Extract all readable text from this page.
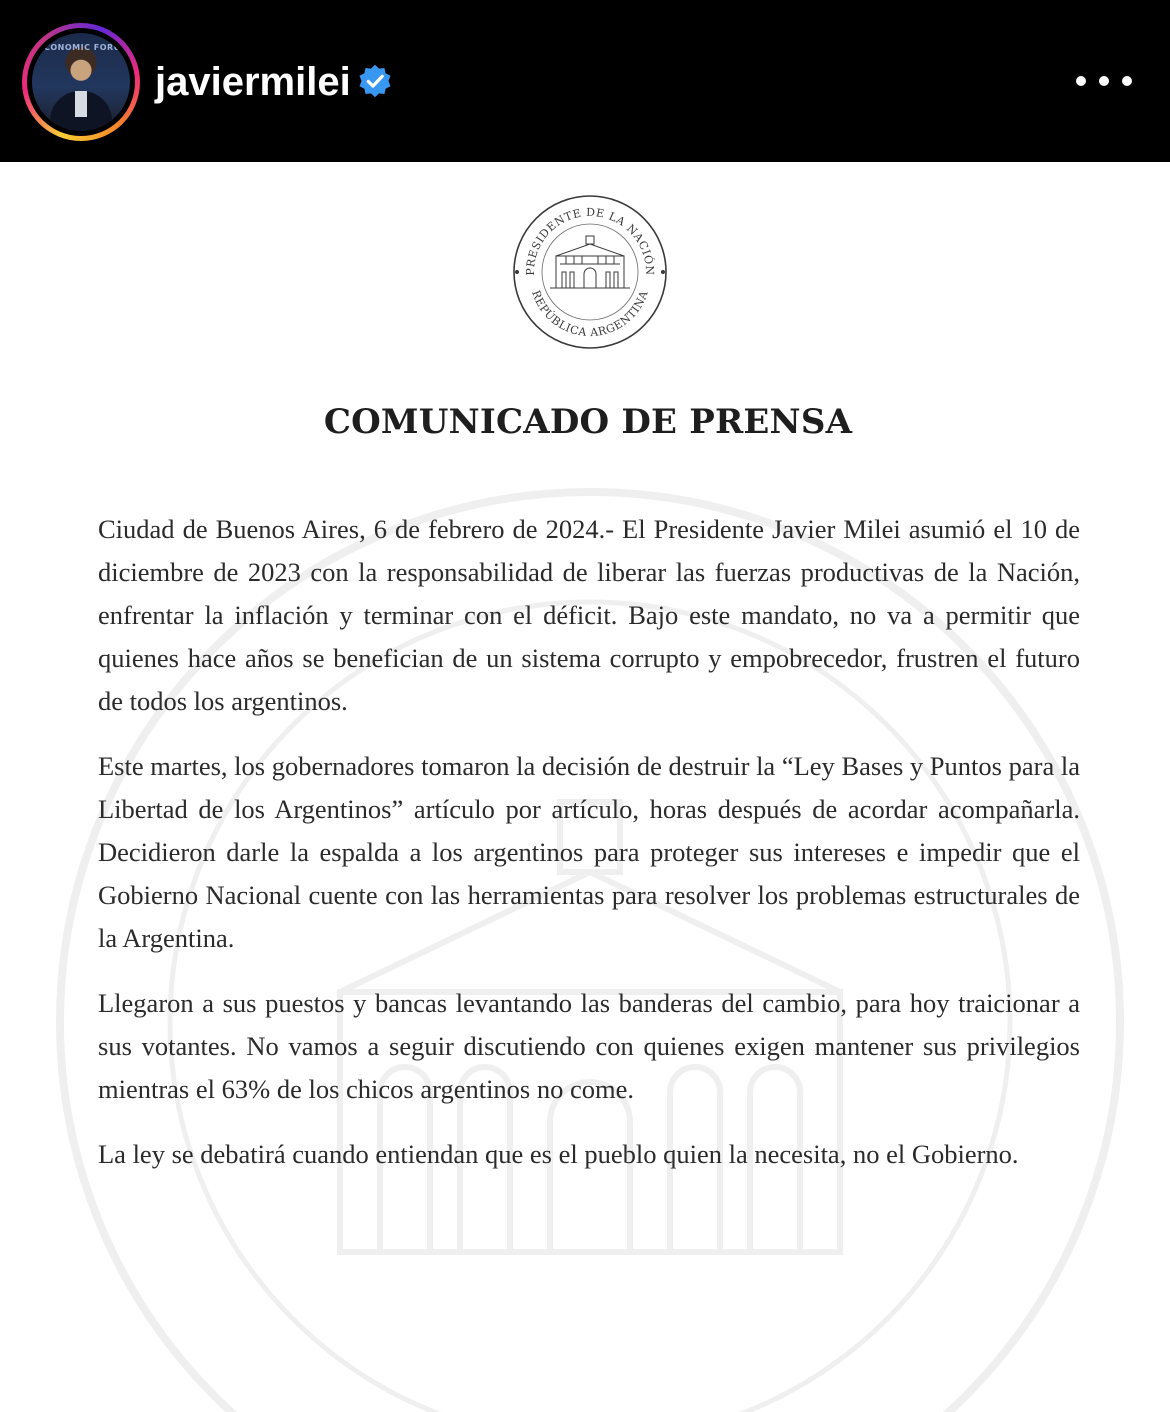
ECONOMIC FORUM
javiermilei
PRESIDENTE DE LA NACIÓN
REPÚBLICA ARGENTINA
COMUNICADO DE PRENSA

Ciudad de Buenos Aires, 6 de febrero de 2024.- El Presidente Javier Milei asumió el 10 de diciembre de 2023 con la responsabilidad de liberar las fuerzas productivas de la Nación, enfrentar la inflación y terminar con el déficit. Bajo este mandato, no va a permitir que quienes hace años se benefician de un sistema corrupto y empobrecedor, frustren el futuro de todos los argentinos.

Este martes, los gobernadores tomaron la decisión de destruir la “Ley Bases y Puntos para la Libertad de los Argentinos” artículo por artículo, horas después de acordar acompañarla. Decidieron darle la espalda a los argentinos para proteger sus intereses e impedir que el Gobierno Nacional cuente con las herramientas para resolver los problemas estructurales de la Argentina.

Llegaron a sus puestos y bancas levantando las banderas del cambio, para hoy traicionar a sus votantes. No vamos a seguir discutiendo con quienes exigen mantener sus privilegios mientras el 63% de los chicos argentinos no come.

La ley se debatirá cuando entiendan que es el pueblo quien la necesita, no el Gobierno.
